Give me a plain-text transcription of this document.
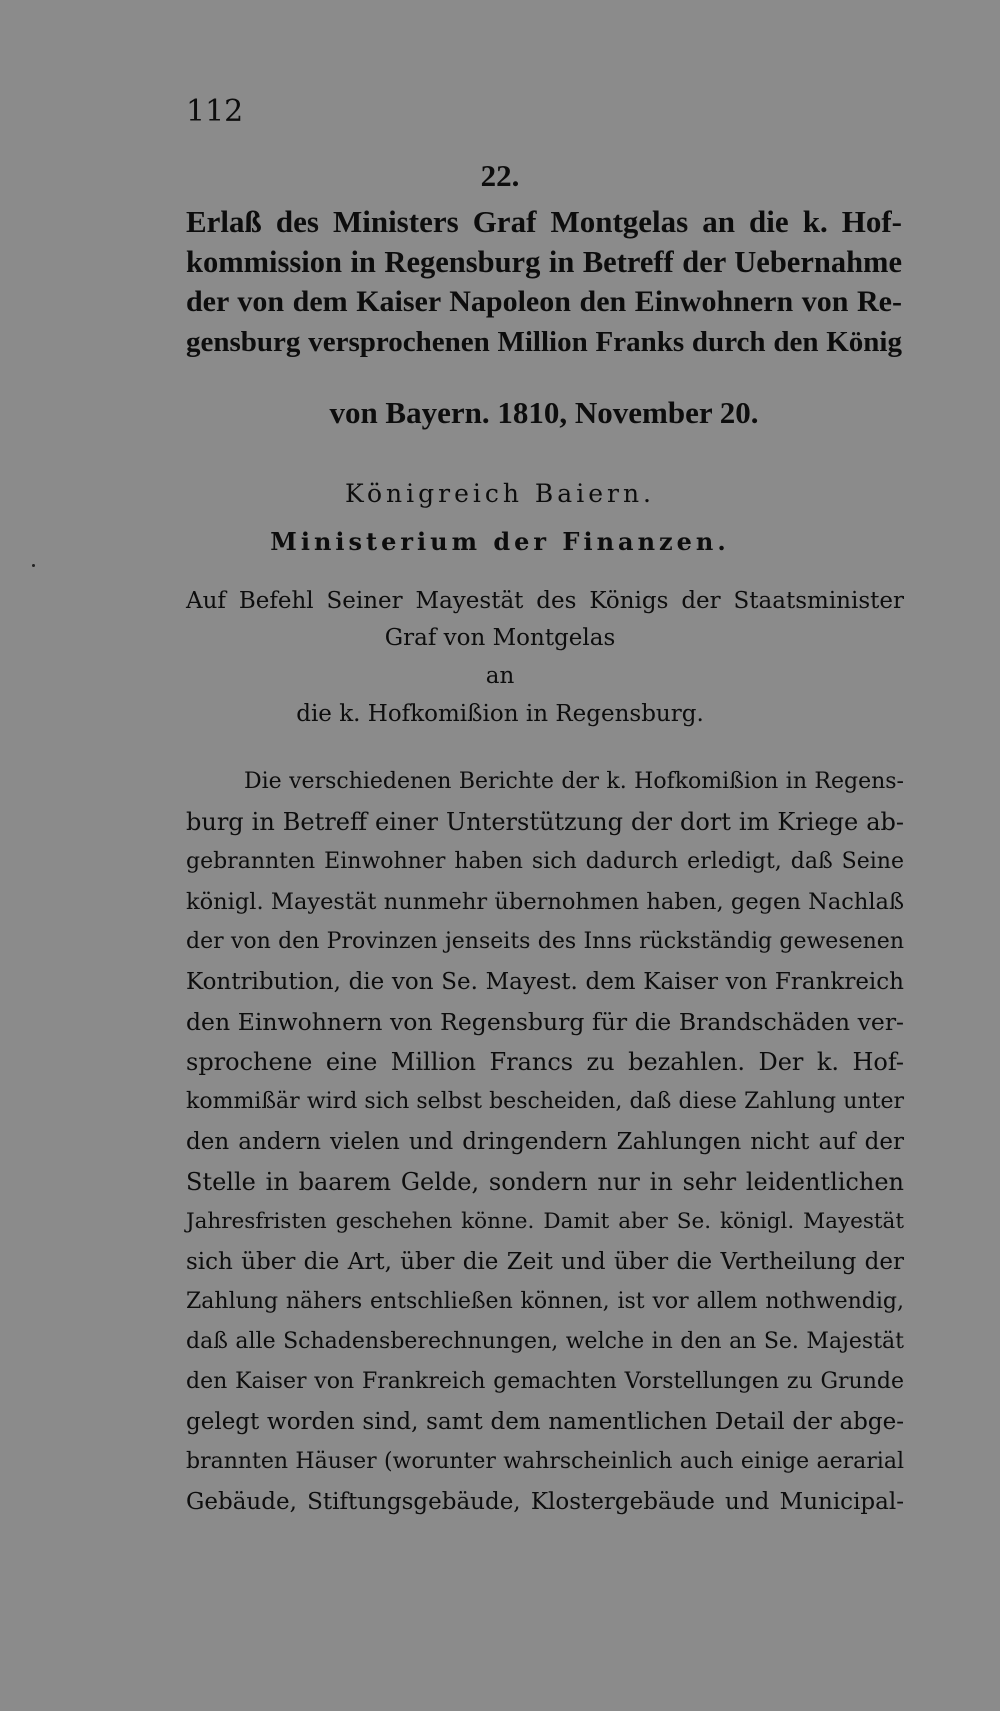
112
22.
Erlaß des Ministers Graf Montgelas an die k. Hof-
kommission in Regensburg in Betreff der Uebernahme
der von dem Kaiser Napoleon den Einwohnern von Re-
gensburg versprochenen Million Franks durch den König
von Bayern. 1810, November 20.
Königreich Baiern.
Ministerium der Finanzen.
Auf Befehl Seiner Mayestät des Königs der Staatsminister
Graf von Montgelas
an
die k. Hofkomißion in Regensburg.
Die verschiedenen Berichte der k. Hofkomißion in Regens-
burg in Betreff einer Unterstützung der dort im Kriege ab-
gebrannten Einwohner haben sich dadurch erledigt, daß Seine
königl. Mayestät nunmehr übernohmen haben, gegen Nachlaß
der von den Provinzen jenseits des Inns rückständig gewesenen
Kontribution, die von Se. Mayest. dem Kaiser von Frankreich
den Einwohnern von Regensburg für die Brandschäden ver-
sprochene eine Million Francs zu bezahlen. Der k. Hof-
kommißär wird sich selbst bescheiden, daß diese Zahlung unter
den andern vielen und dringendern Zahlungen nicht auf der
Stelle in baarem Gelde, sondern nur in sehr leidentlichen
Jahresfristen geschehen könne. Damit aber Se. königl. Mayestät
sich über die Art, über die Zeit und über die Vertheilung der
Zahlung nähers entschließen können, ist vor allem nothwendig,
daß alle Schadensberechnungen, welche in den an Se. Majestät
den Kaiser von Frankreich gemachten Vorstellungen zu Grunde
gelegt worden sind, samt dem namentlichen Detail der abge-
brannten Häuser (worunter wahrscheinlich auch einige aerarial
Gebäude, Stiftungsgebäude, Klostergebäude und Municipal-
